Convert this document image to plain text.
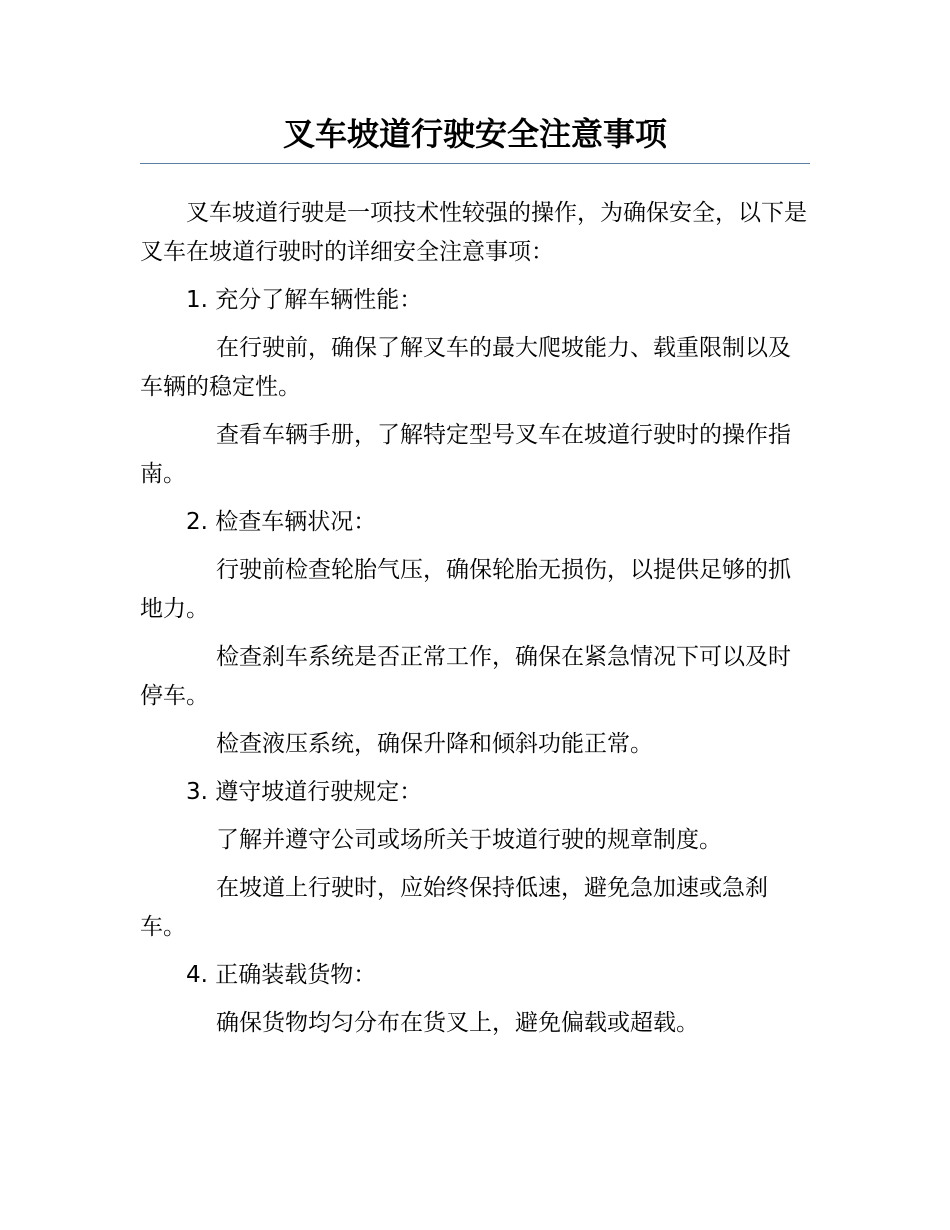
叉车坡道行驶安全注意事项

叉车坡道行驶是一项技术性较强的操作，为确保安全，以下是叉车在坡道行驶时的详细安全注意事项：

1. 充分了解车辆性能：

在行驶前，确保了解叉车的最大爬坡能力、载重限制以及车辆的稳定性。

查看车辆手册，了解特定型号叉车在坡道行驶时的操作指南。

2. 检查车辆状况：

行驶前检查轮胎气压，确保轮胎无损伤，以提供足够的抓地力。

检查刹车系统是否正常工作，确保在紧急情况下可以及时停车。

检查液压系统，确保升降和倾斜功能正常。

3. 遵守坡道行驶规定：

了解并遵守公司或场所关于坡道行驶的规章制度。

在坡道上行驶时，应始终保持低速，避免急加速或急刹车。

4. 正确装载货物：

确保货物均匀分布在货叉上，避免偏载或超载。
